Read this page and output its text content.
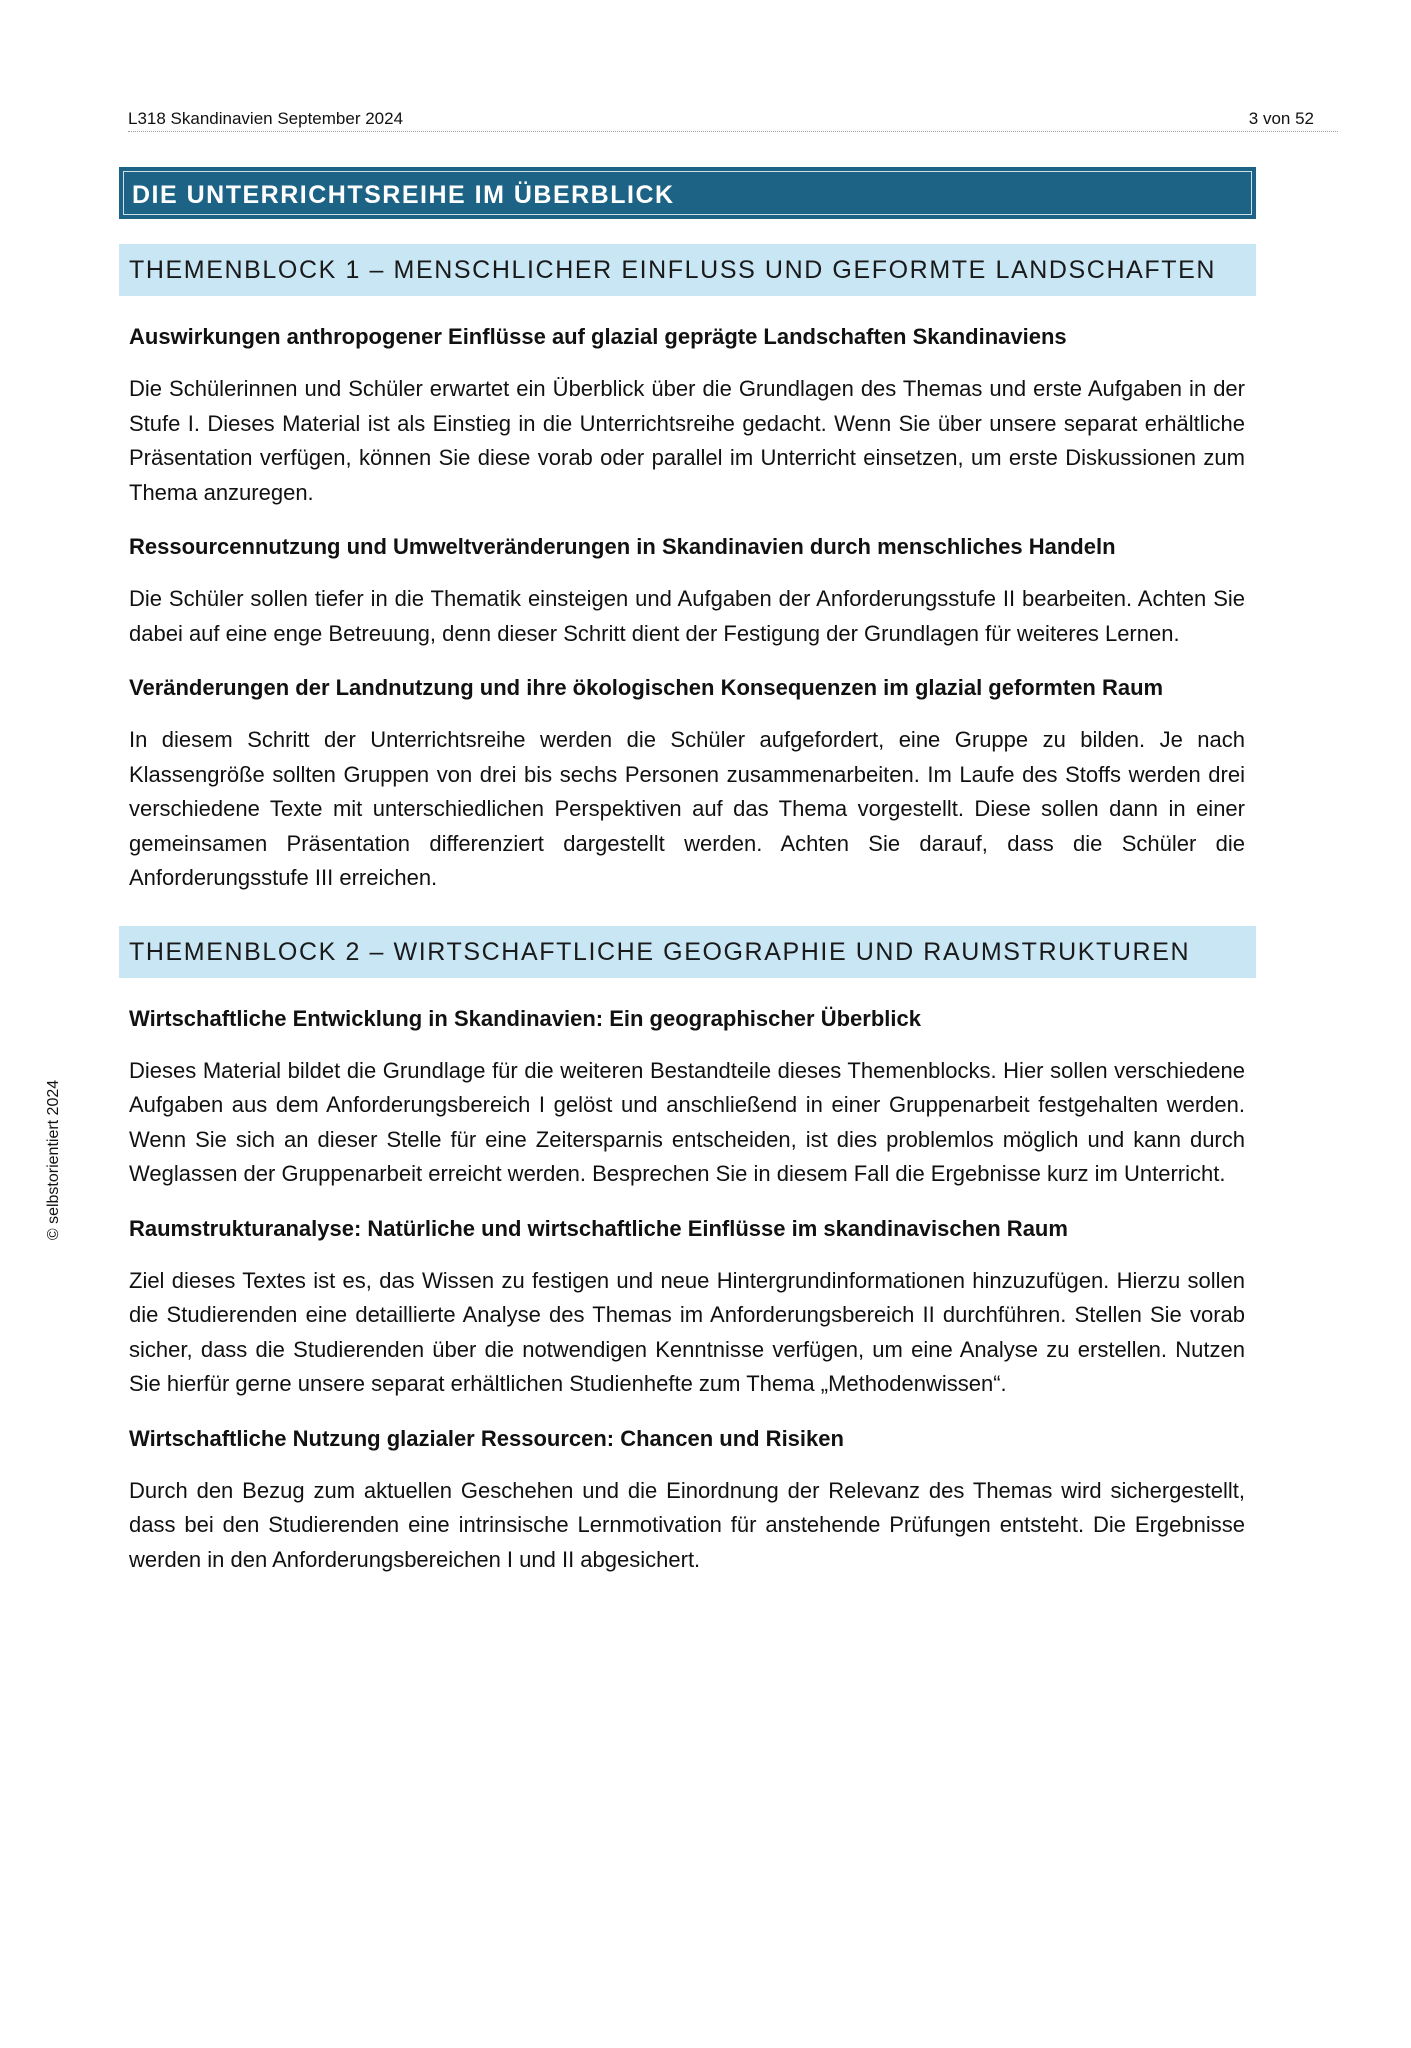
L318 Skandinavien September 2024	3 von 52
© selbstorientiert 2024
DIE UNTERRICHTSREIHE IM ÜBERBLICK
THEMENBLOCK 1 – MENSCHLICHER EINFLUSS UND GEFORMTE LANDSCHAFTEN
Auswirkungen anthropogener Einflüsse auf glazial geprägte Landschaften Skandinaviens
Die Schülerinnen und Schüler erwartet ein Überblick über die Grundlagen des Themas und erste Aufgaben in der Stufe I. Dieses Material ist als Einstieg in die Unterrichtsreihe gedacht. Wenn Sie über unsere separat erhältliche Präsentation verfügen, können Sie diese vorab oder parallel im Unterricht einsetzen, um erste Diskussionen zum Thema anzuregen.
Ressourcennutzung und Umweltveränderungen in Skandinavien durch menschliches Handeln
Die Schüler sollen tiefer in die Thematik einsteigen und Aufgaben der Anforderungsstufe II bearbeiten. Achten Sie dabei auf eine enge Betreuung, denn dieser Schritt dient der Festigung der Grundlagen für weiteres Lernen.
Veränderungen der Landnutzung und ihre ökologischen Konsequenzen im glazial geformten Raum
In diesem Schritt der Unterrichtsreihe werden die Schüler aufgefordert, eine Gruppe zu bilden. Je nach Klassengröße sollten Gruppen von drei bis sechs Personen zusammenarbeiten. Im Laufe des Stoffs werden drei verschiedene Texte mit unterschiedlichen Perspektiven auf das Thema vorgestellt. Diese sollen dann in einer gemeinsamen Präsentation differenziert dargestellt werden. Achten Sie darauf, dass die Schüler die Anforderungsstufe III erreichen.
THEMENBLOCK 2 – WIRTSCHAFTLICHE GEOGRAPHIE UND RAUMSTRUKTUREN
Wirtschaftliche Entwicklung in Skandinavien: Ein geographischer Überblick
Dieses Material bildet die Grundlage für die weiteren Bestandteile dieses Themenblocks. Hier sollen verschiedene Aufgaben aus dem Anforderungsbereich I gelöst und anschließend in einer Gruppenarbeit festgehalten werden. Wenn Sie sich an dieser Stelle für eine Zeitersparnis entscheiden, ist dies problemlos möglich und kann durch Weglassen der Gruppenarbeit erreicht werden. Besprechen Sie in diesem Fall die Ergebnisse kurz im Unterricht.
Raumstrukturanalyse: Natürliche und wirtschaftliche Einflüsse im skandinavischen Raum
Ziel dieses Textes ist es, das Wissen zu festigen und neue Hintergrundinformationen hinzuzufügen. Hierzu sollen die Studierenden eine detaillierte Analyse des Themas im Anforderungsbereich II durchführen. Stellen Sie vorab sicher, dass die Studierenden über die notwendigen Kenntnisse verfügen, um eine Analyse zu erstellen. Nutzen Sie hierfür gerne unsere separat erhältlichen Studienhefte zum Thema „Methodenwissen“.
Wirtschaftliche Nutzung glazialer Ressourcen: Chancen und Risiken
Durch den Bezug zum aktuellen Geschehen und die Einordnung der Relevanz des Themas wird sichergestellt, dass bei den Studierenden eine intrinsische Lernmotivation für anstehende Prüfungen entsteht. Die Ergebnisse werden in den Anforderungsbereichen I und II abgesichert.
